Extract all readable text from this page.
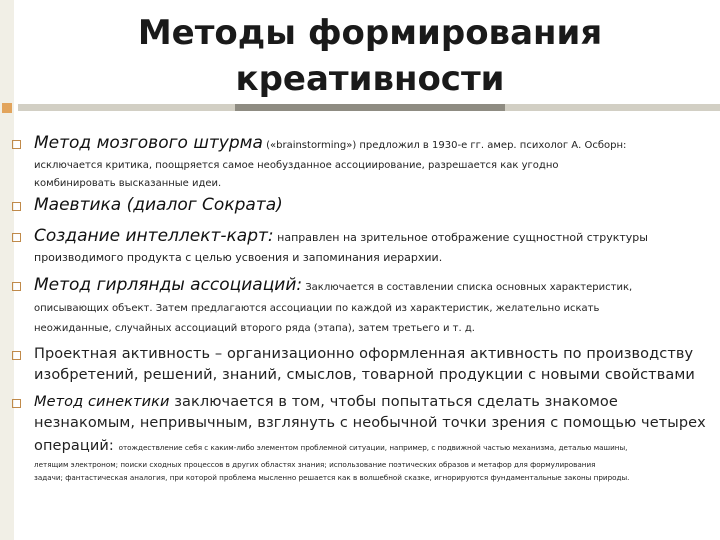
Методы формирования
креативности
Метод мозгового штурма («brainstorming») предложил в 1930-е гг. амер. психолог А. Осборн:
исключается критика, поощряется самое необузданное ассоциирование, разрешается как угодно
комбинировать высказанные идеи.
Маевтика (диалог Сократа)
Создание интеллект-карт: направлен на зрительное отображение сущностной структуры
производимого продукта с целью усвоения и запоминания иерархии.
Метод гирлянды ассоциаций: Заключается в составлении списка основных характеристик,
описывающих объект. Затем предлагаются ассоциации по каждой из характеристик, желательно искать
неожиданные, случайных ассоциаций второго ряда (этапа), затем третьего и т. д.
Проектная активность – организационно оформленная активность по производству
изобретений, решений, знаний, смыслов, товарной продукции с новыми свойствами
Метод синектики заключается в том, чтобы попытаться сделать знакомое
незнакомым, непривычным, взглянуть с необычной точки зрения с помощью четырех
операций: отождествление себя с каким-либо элементом проблемной ситуации, например, с подвижной частью механизма, деталью машины,
летящим электроном; поиски сходных процессов в других областях знания; использование поэтических образов и метафор для формулирования
задачи; фантастическая аналогия, при которой проблема мысленно решается как в волшебной сказке, игнорируются фундаментальные законы природы.
